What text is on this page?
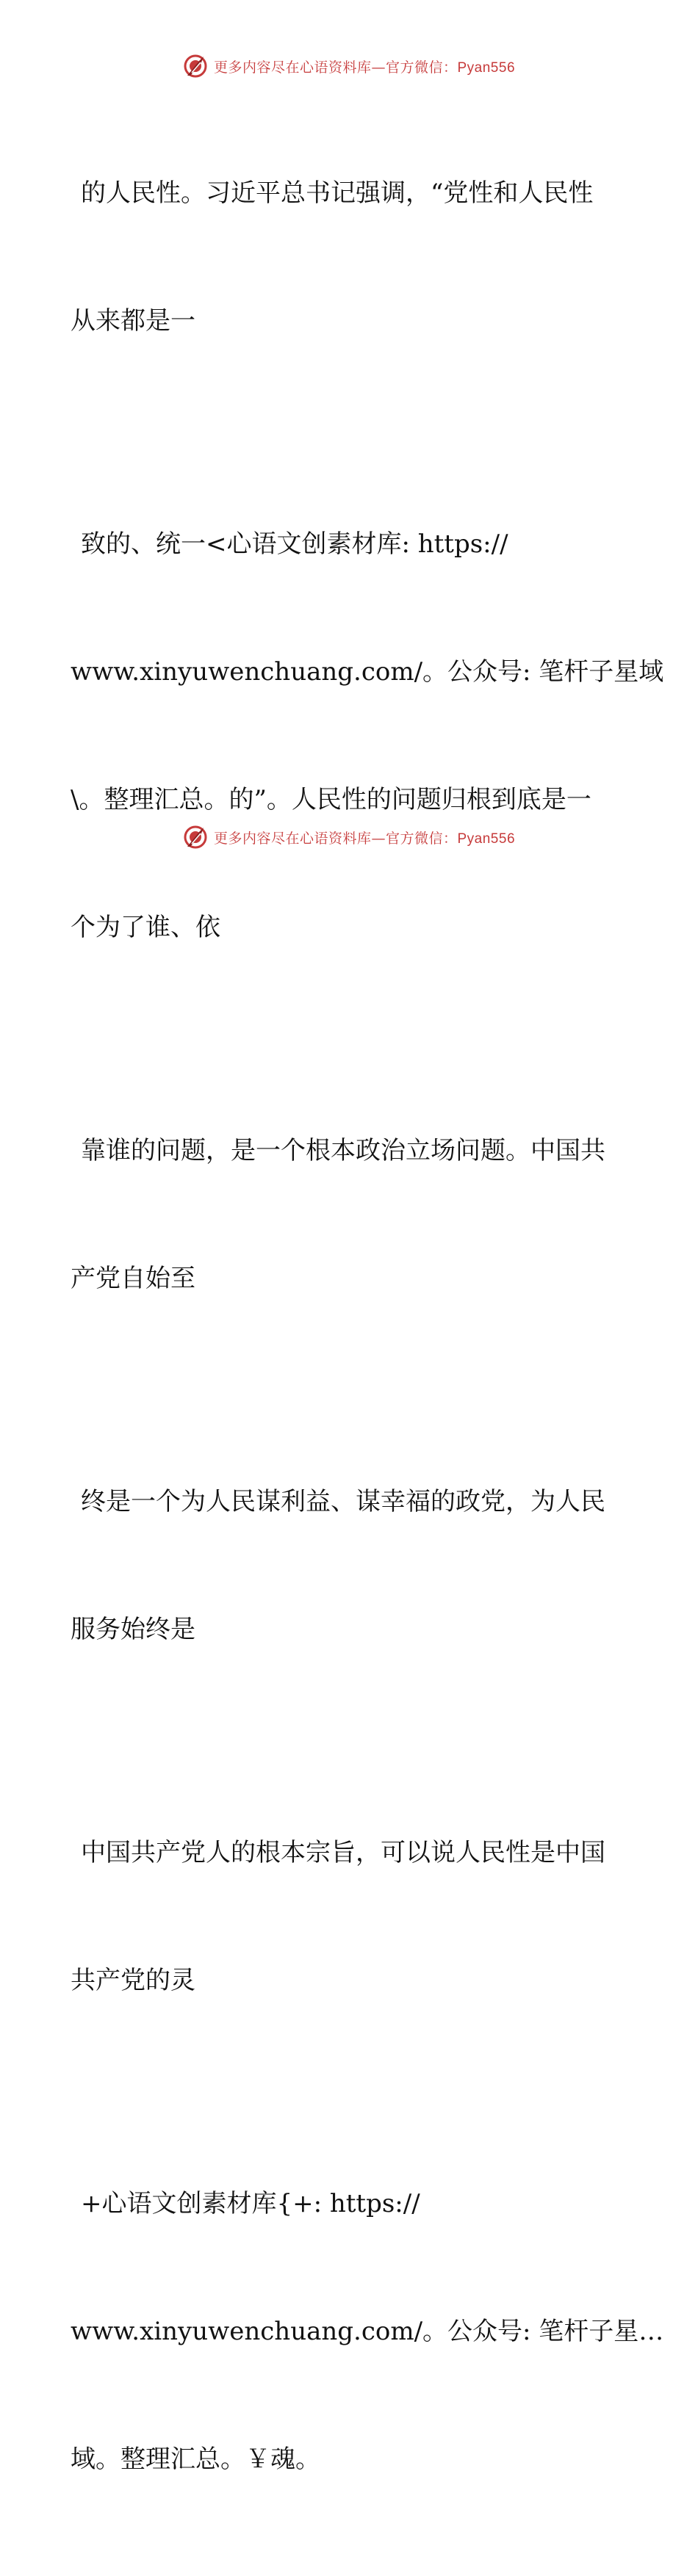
更多内容尽在心语资料库—官方微信：Pyan556

的人民性。习近平总书记强调，“党性和人民性

从来都是一

致的、统一<心语文创素材库: https://

www.xinyuwenchuang.com/。公众号: 笔杆子星域

\。整理汇总。的”。人民性的问题归根到底是一

个为了谁、依

靠谁的问题，是一个根本政治立场问题。中国共

产党自始至

终是一个为人民谋利益、谋幸福的政党，为人民

服务始终是

中国共产党人的根本宗旨，可以说人民性是中国

共产党的灵

+心语文创素材库{+: https://

www.xinyuwenchuang.com/。公众号: 笔杆子星…

域。整理汇总。￥魂。

更多内容尽在心语资料库—官方微信：Pyan556
